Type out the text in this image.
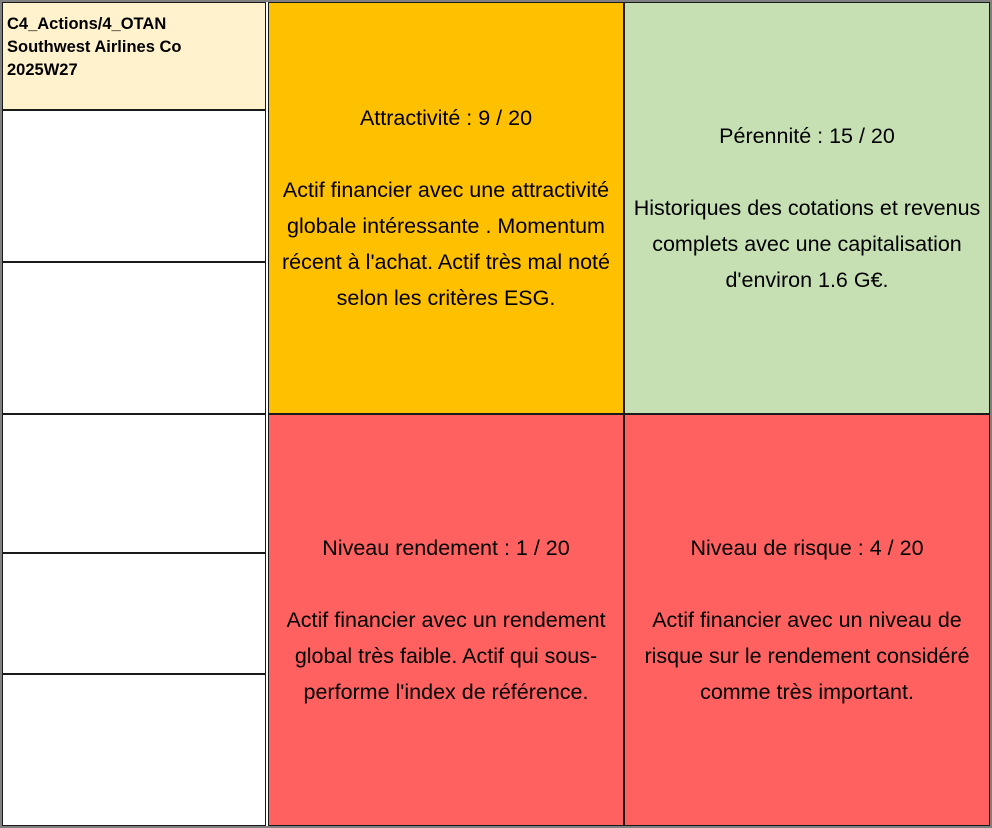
C4_Actions/4_OTAN
Southwest Airlines Co
2025W27
Attractivité : 9 / 20
Actif financier avec une attractivité globale intéressante . Momentum récent à l'achat. Actif très mal noté selon les critères ESG.
Pérennité : 15 / 20
Historiques des cotations et revenus complets avec une capitalisation d'environ 1.6 G€.
Niveau rendement : 1 / 20
Actif financier avec un rendement global très faible. Actif qui sous-performe l'index de référence.
Niveau de risque : 4 / 20
Actif financier avec un niveau de risque sur le rendement considéré comme très important.
